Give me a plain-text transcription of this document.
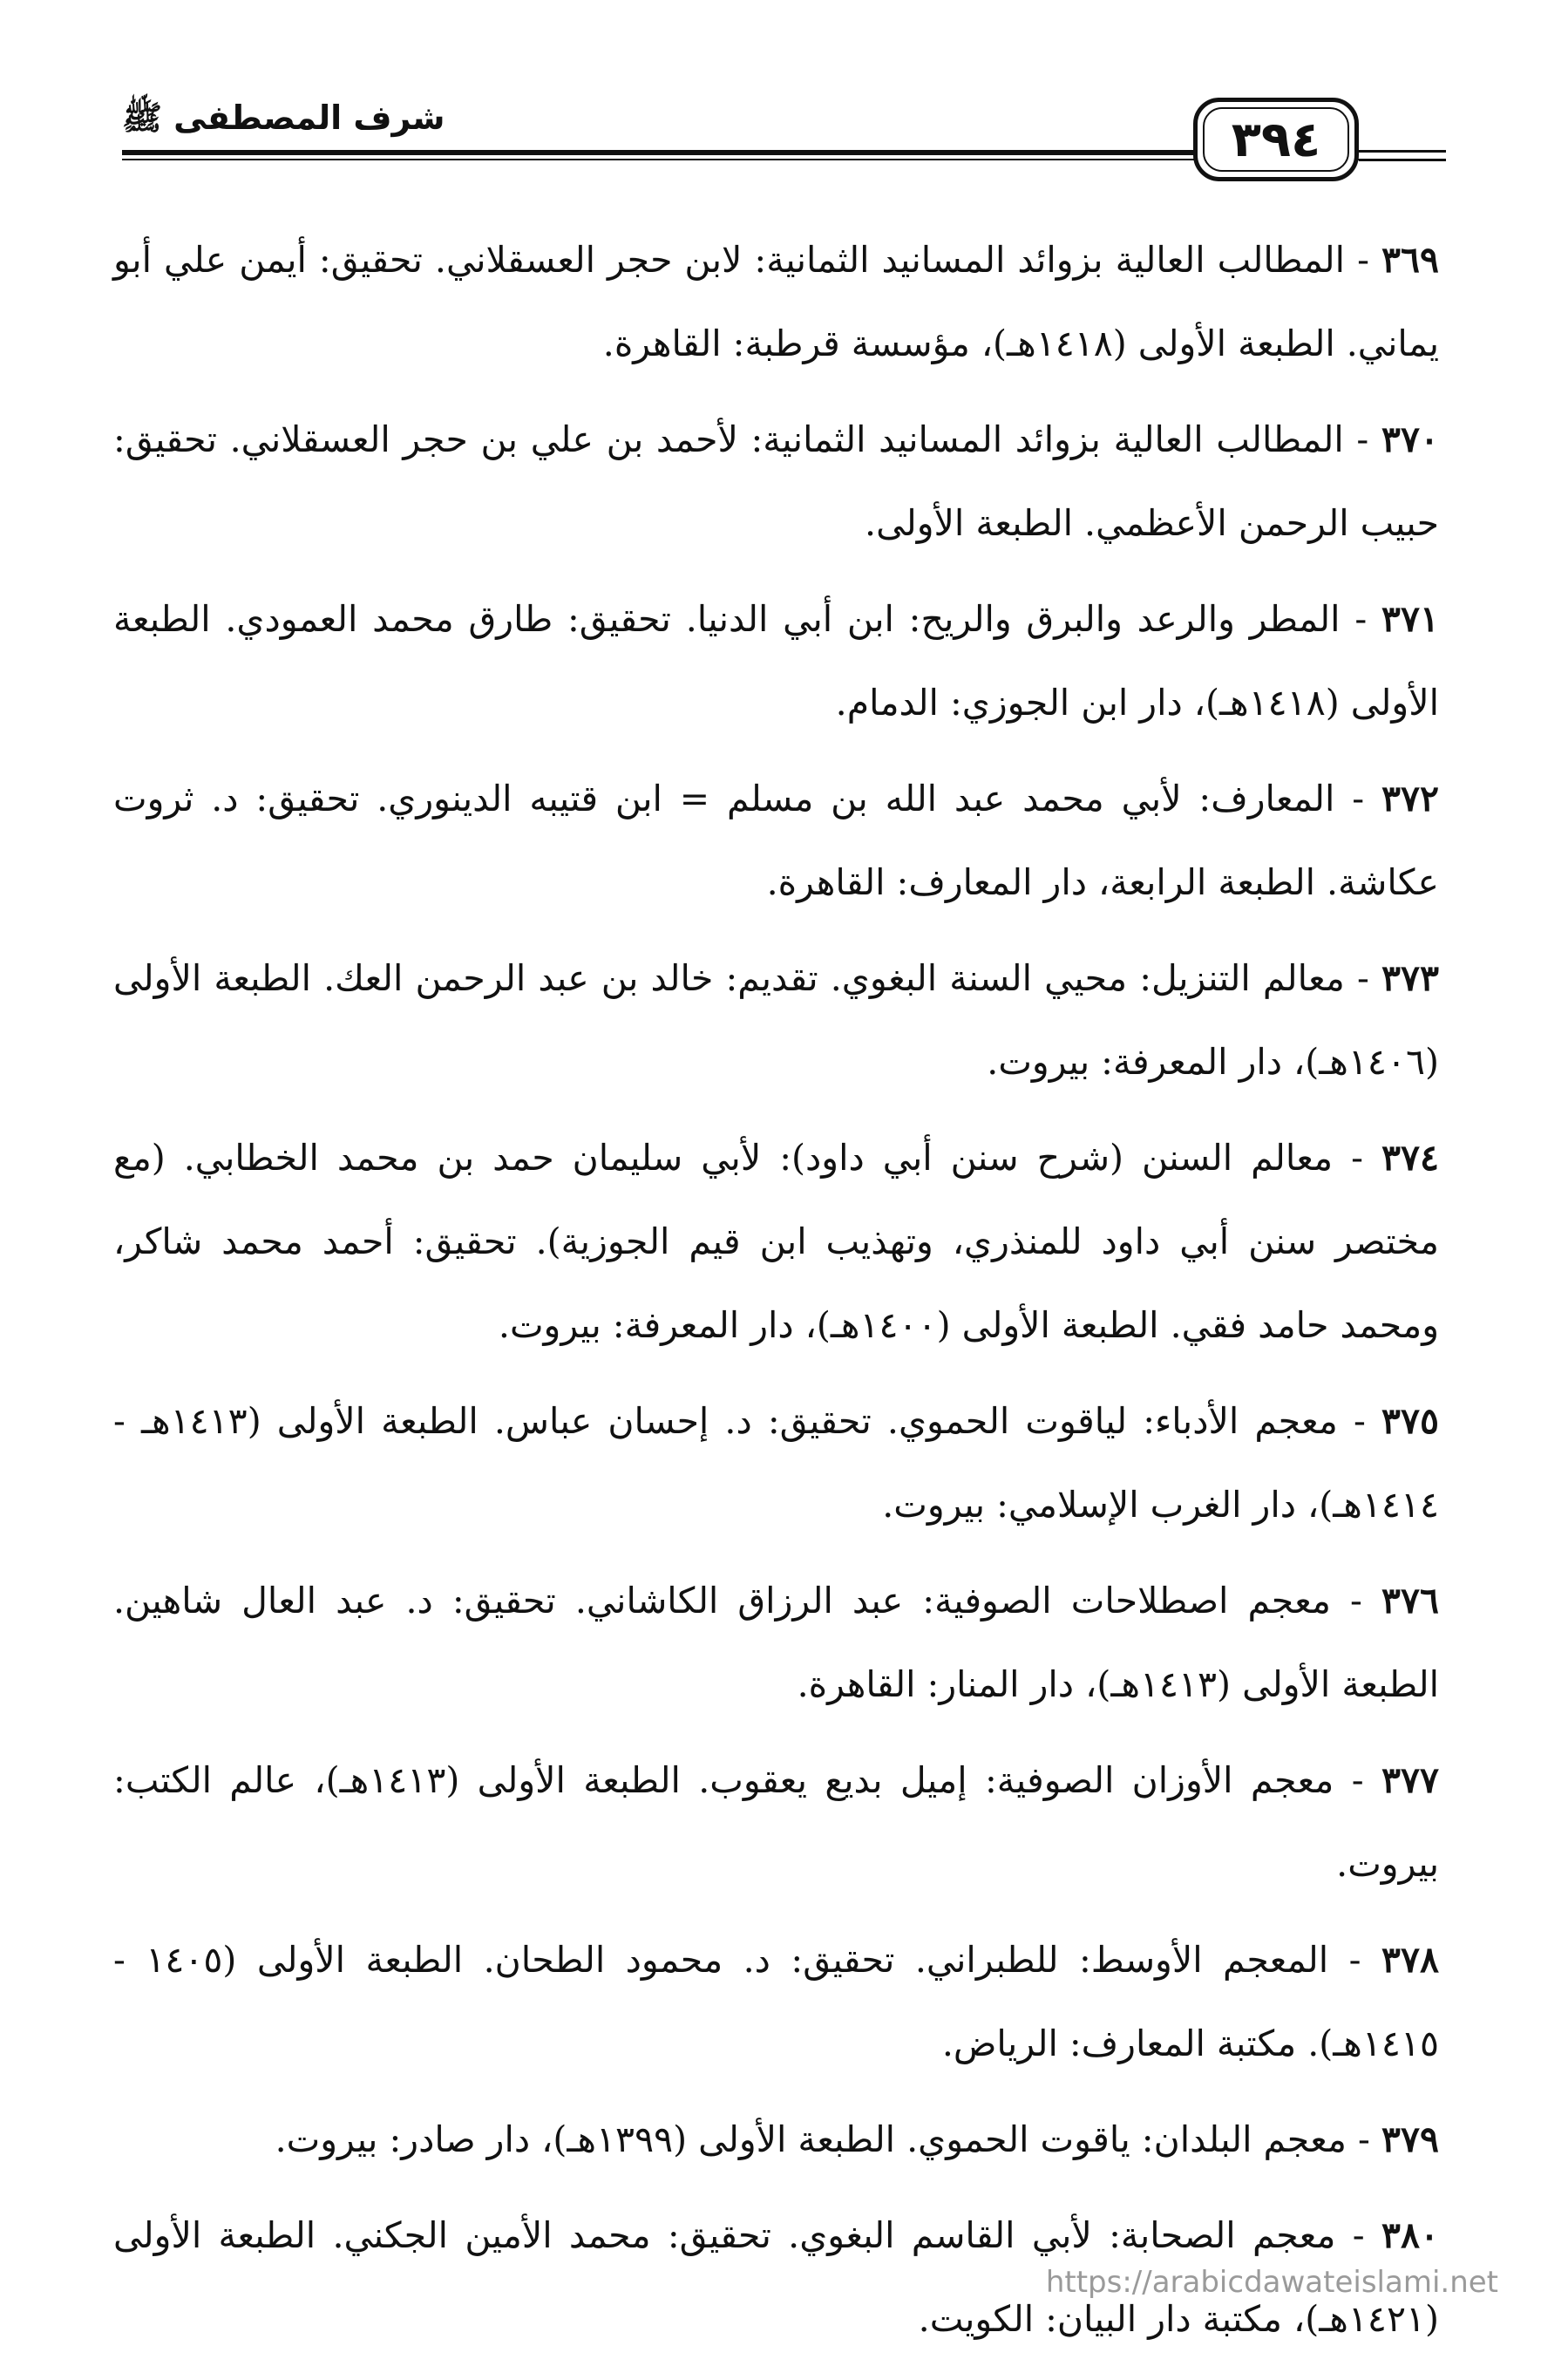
شرف المصطفى ﷺ	٣٩٤

٣٦٩ - المطالب العالية بزوائد المسانيد الثمانية: لابن حجر العسقلاني. تحقيق: أيمن علي أبو يماني. الطبعة الأولى (١٤١٨هـ)، مؤسسة قرطبة: القاهرة.

٣٧٠ - المطالب العالية بزوائد المسانيد الثمانية: لأحمد بن علي بن حجر العسقلاني. تحقيق: حبيب الرحمن الأعظمي. الطبعة الأولى.

٣٧١ - المطر والرعد والبرق والريح: ابن أبي الدنيا. تحقيق: طارق محمد العمودي. الطبعة الأولى (١٤١٨هـ)، دار ابن الجوزي: الدمام.

٣٧٢ - المعارف: لأبي محمد عبد الله بن مسلم = ابن قتيبه الدينوري. تحقيق: د. ثروت عكاشة. الطبعة الرابعة، دار المعارف: القاهرة.

٣٧٣ - معالم التنزيل: محيي السنة البغوي. تقديم: خالد بن عبد الرحمن العك. الطبعة الأولى (١٤٠٦هـ)، دار المعرفة: بيروت.

٣٧٤ - معالم السنن (شرح سنن أبي داود): لأبي سليمان حمد بن محمد الخطابي. (مع مختصر سنن أبي داود للمنذري، وتهذيب ابن قيم الجوزية). تحقيق: أحمد محمد شاكر، ومحمد حامد فقي. الطبعة الأولى (١٤٠٠هـ)، دار المعرفة: بيروت.

٣٧٥ - معجم الأدباء: لياقوت الحموي. تحقيق: د. إحسان عباس. الطبعة الأولى (١٤١٣هـ - ١٤١٤هـ)، دار الغرب الإسلامي: بيروت.

٣٧٦ - معجم اصطلاحات الصوفية: عبد الرزاق الكاشاني. تحقيق: د. عبد العال شاهين. الطبعة الأولى (١٤١٣هـ)، دار المنار: القاهرة.

٣٧٧ - معجم الأوزان الصوفية: إميل بديع يعقوب. الطبعة الأولى (١٤١٣هـ)، عالم الكتب: بيروت.

٣٧٨ - المعجم الأوسط: للطبراني. تحقيق: د. محمود الطحان. الطبعة الأولى (١٤٠٥ - ١٤١٥هـ). مكتبة المعارف: الرياض.

٣٧٩ - معجم البلدان: ياقوت الحموي. الطبعة الأولى (١٣٩٩هـ)، دار صادر: بيروت.

٣٨٠ - معجم الصحابة: لأبي القاسم البغوي. تحقيق: محمد الأمين الجكني. الطبعة الأولى (١٤٢١هـ)، مكتبة دار البيان: الكويت.

https://arabicdawateislami.net
